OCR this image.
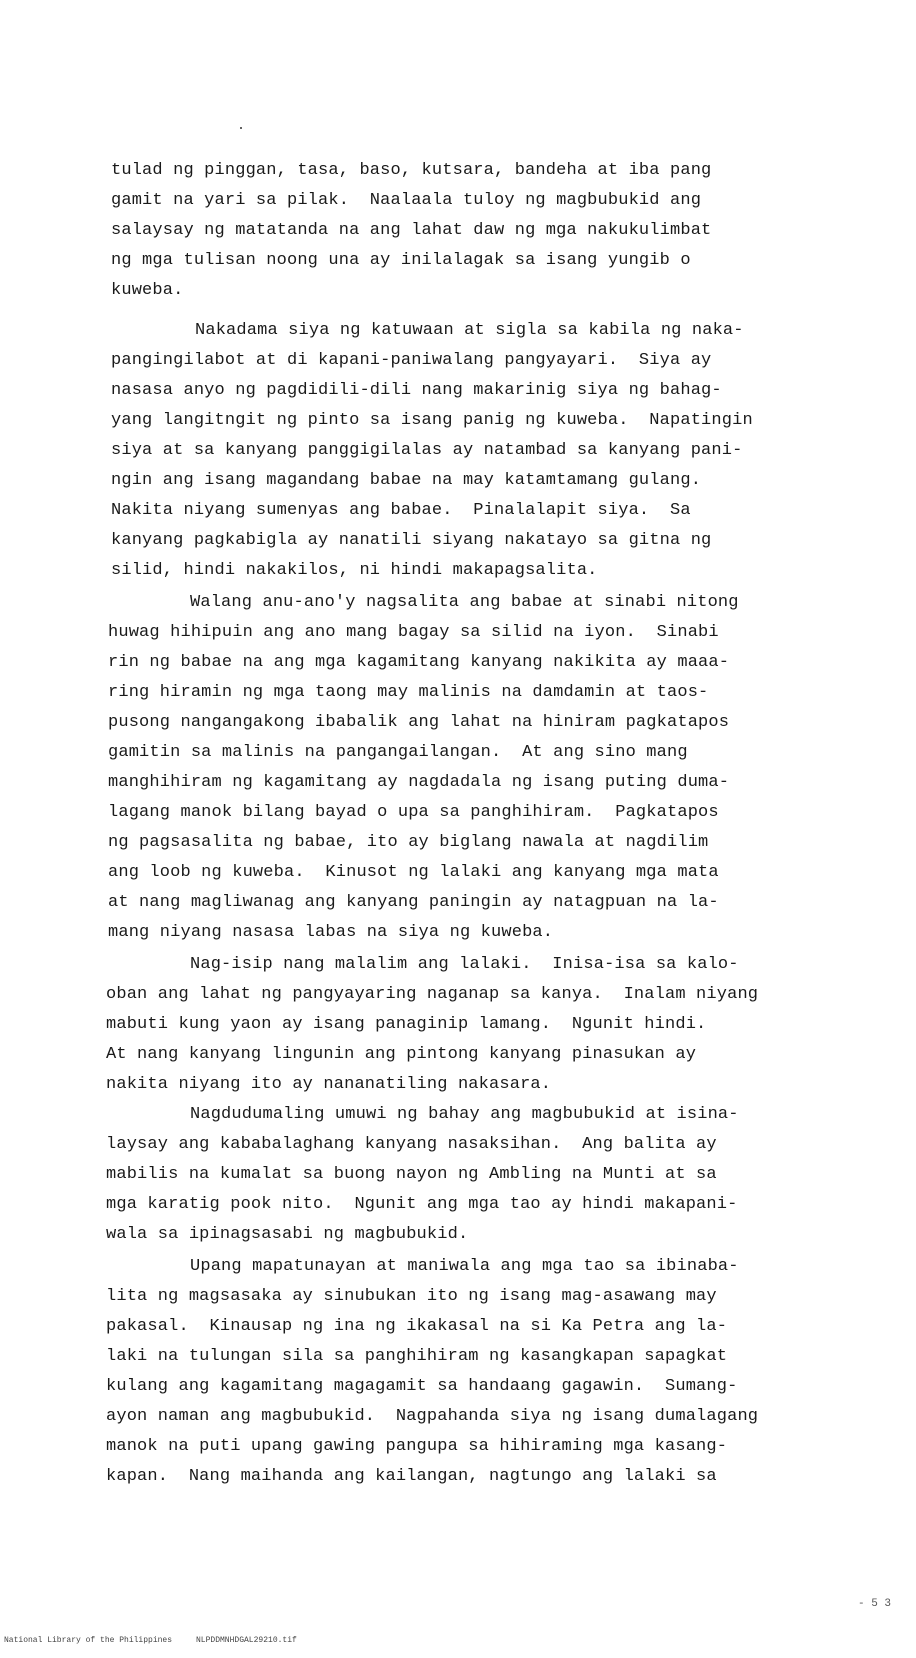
tulad ng pinggan, tasa, baso, kutsara, bandeha at iba pang
gamit na yari sa pilak.  Naalaala tuloy ng magbubukid ang
salaysay ng matatanda na ang lahat daw ng mga nakukulimbat
ng mga tulisan noong una ay inilalagak sa isang yungib o
kuweba.
Nakadama siya ng katuwaan at sigla sa kabila ng naka-
pangingilabot at di kapani-paniwalang pangyayari.  Siya ay
nasasa anyo ng pagdidili-dili nang makarinig siya ng bahag-
yang langitngit ng pinto sa isang panig ng kuweba.  Napatingin
siya at sa kanyang panggigilalas ay natambad sa kanyang pani-
ngin ang isang magandang babae na may katamtamang gulang.
Nakita niyang sumenyas ang babae.  Pinalalapit siya.  Sa
kanyang pagkabigla ay nanatili siyang nakatayo sa gitna ng
silid, hindi nakakilos, ni hindi makapagsalita.
Walang anu-ano'y nagsalita ang babae at sinabi nitong
huwag hihipuin ang ano mang bagay sa silid na iyon.  Sinabi
rin ng babae na ang mga kagamitang kanyang nakikita ay maaa-
ring hiramin ng mga taong may malinis na damdamin at taos-
pusong nangangakong ibabalik ang lahat na hiniram pagkatapos
gamitin sa malinis na pangangailangan.  At ang sino mang
manghihiram ng kagamitang ay nagdadala ng isang puting duma-
lagang manok bilang bayad o upa sa panghihiram.  Pagkatapos
ng pagsasalita ng babae, ito ay biglang nawala at nagdilim
ang loob ng kuweba.  Kinusot ng lalaki ang kanyang mga mata
at nang magliwanag ang kanyang paningin ay natagpuan na la-
mang niyang nasasa labas na siya ng kuweba.
Nag-isip nang malalim ang lalaki.  Inisa-isa sa kalo-
oban ang lahat ng pangyayaring naganap sa kanya.  Inalam niyang
mabuti kung yaon ay isang panaginip lamang.  Ngunit hindi.
At nang kanyang lingunin ang pintong kanyang pinasukan ay
nakita niyang ito ay nananatiling nakasara.
Nagdudumaling umuwi ng bahay ang magbubukid at isina-
laysay ang kababalaghang kanyang nasaksihan.  Ang balita ay
mabilis na kumalat sa buong nayon ng Ambling na Munti at sa
mga karatig pook nito.  Ngunit ang mga tao ay hindi makapani-
wala sa ipinagsasabi ng magbubukid.
Upang mapatunayan at maniwala ang mga tao sa ibinaba-
lita ng magsasaka ay sinubukan ito ng isang mag-asawang may
pakasal.  Kinausap ng ina ng ikakasal na si Ka Petra ang la-
laki na tulungan sila sa panghihiram ng kasangkapan sapagkat
kulang ang kagamitang magagamit sa handaang gagawin.  Sumang-
ayon naman ang magbubukid.  Nagpahanda siya ng isang dumalagang
manok na puti upang gawing pangupa sa hihiraming mga kasang-
kapan.  Nang maihanda ang kailangan, nagtungo ang lalaki sa
- 5 3
National Library of the Philippines	NLPDDMNHDGAL29210.tif
